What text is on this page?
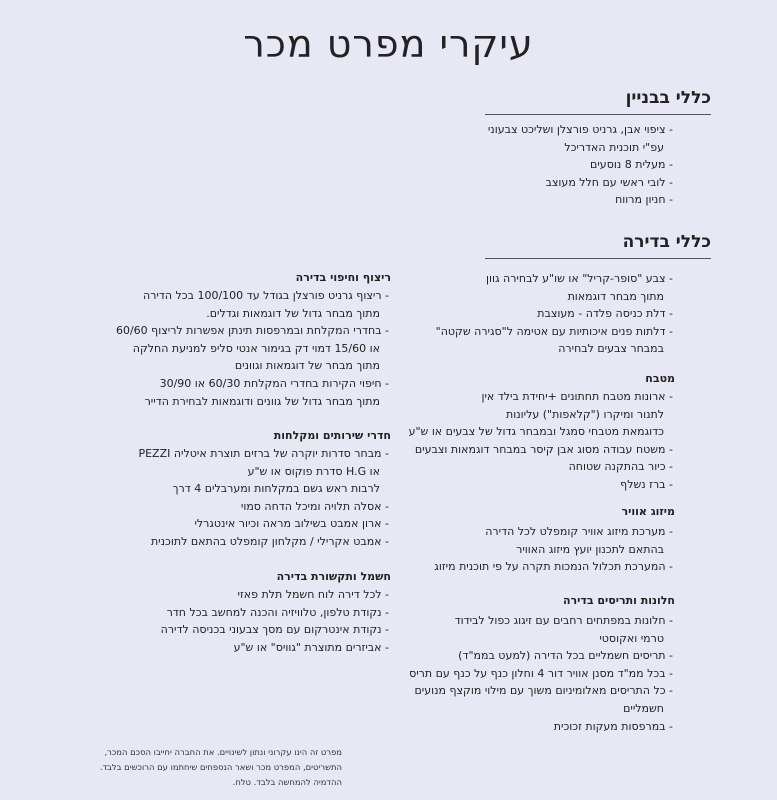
עיקרי מפרט מכר
כללי בבניין
- ציפוי אבן, גרניט פורצלן ושליכט צבעוני
עפ"י תוכנית האדריכל
- מעלית 8 נוסעים
- לובי ראשי עם חלל מעוצב
- חניון מרווח
כללי בדירה
- צבע "סופר-קריל" או שו"ע לבחירה גוון
מתוך מבחר דוגמאות
- דלת כניסה פלדה - מעוצבת
- דלתות פנים איכותיות עם אטימה ל"סגירה שקטה"
במבחר צבעים לבחירה
מטבח
- ארונות מטבח תחתונים +יחידת בילד אין
לתנור ומיקרו ("קלאפות") עליונות
כדוגמאת מטבחי סמגל ובמבחר גדול של צבעים או ש"ע
- משטח עבודה מסוג אבן קיסר במבחר דוגמאות וצבעים
- כיור בהתקנה שטוחה
- ברז נשלף
מיזוג אוויר
- מערכת מיזוג אוויר קומפלט לכל הדירה
בהתאם לתכנון יועץ מיזוג האוויר
- המערכת תכלול הנמכות תקרה על פי תוכנית מיזוג
חלונות ותריסים בדירה
- חלונות במפתחים רחבים עם זיגוג כפול לבידוד
טרמי ואקוסטי
- תריסים חשמליים בכל הדירה (למעט בממ"ד)
- בכל ממ"ד מסנן אוויר דור 4 וחלון כנף על כנף עם תריס
- כל התריסים מאלומיניום משוך עם מילוי מוקצף מנועים
חשמליים
- במרפסות מעקות זכוכית
ריצוף וחיפוי בדירה
- ריצוף גרניט פורצלן בגודל עד 100/100 בכל הדירה
מתוך מבחר גדול של דוגמאות וגדלים.
- בחדרי המקלחת ובמרפסות תינתן אפשרות לריצוף 60/60
או 15/60 דמוי דק בגימור אנטי סליפ למניעת החלקה
מתוך מבחר של דוגמאות וגוונים
- חיפוי הקירות בחדרי המקלחת 60/30 או 30/90
מתוך מבחר גדול של גוונים ודוגמאות לבחירת הדייר
חדרי שירותים ומקלחות
- מבחר סדרות יוקרה של ברזים תוצרת איטליה PEZZI
או H.G סדרת פוקוס או ש"ע
לרבות ראש גשם במקלחות ומערבלים 4 דרך
- אסלה תלויה ומיכל הדחה סמוי
- ארון אמבט בשילוב מראה וכיור אינטגרלי
- אמבט אקרילי / מקלחון קומפלט בהתאם לתוכנית
חשמל ותקשורת בדירה
- לכל דירה לוח חשמל תלת פאזי
- נקודת טלפון, טלוויזיה והכנה למחשב בכל חדר
- נקודת אינטרקום עם מסך צבעוני בכניסה לדירה
- אביזרים מתוצרת "גוויס" או ש"ע
מפרט זה הינו עקרוני ונתון לשינויים. את החברה יחייבו הסכם המכר,
התשריטים, המפרט מכר ושאר הנספחים שיחתמו עם הרוכשים בלבד.
ההדמיה להמחשה בלבד. טלח.
